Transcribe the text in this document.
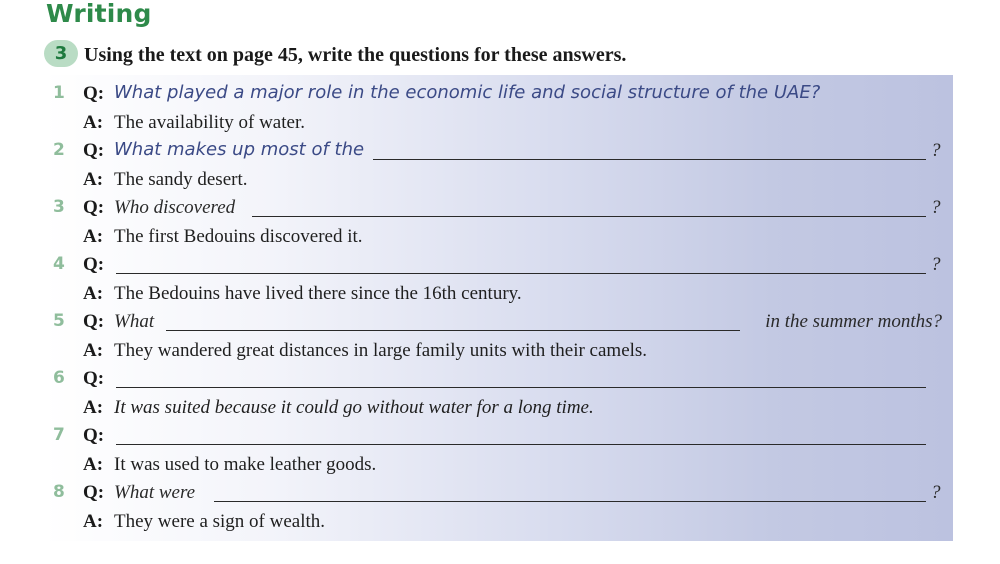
Writing
3 Using the text on page 45, write the questions for these answers.
1 Q: What played a major role in the economic life and social structure of the UAE?
A: The availability of water.
2 Q: What makes up most of the	?
A: The sandy desert.
3 Q: Who discovered	?
A: The first Bedouins discovered it.
4 Q:	?
A: The Bedouins have lived there since the 16th century.
5 Q: What	in the summer months?
A: They wandered great distances in large family units with their camels.
6 Q:
A: It was suited because it could go without water for a long time.
7 Q:
A: It was used to make leather goods.
8 Q: What were	?
A: They were a sign of wealth.
